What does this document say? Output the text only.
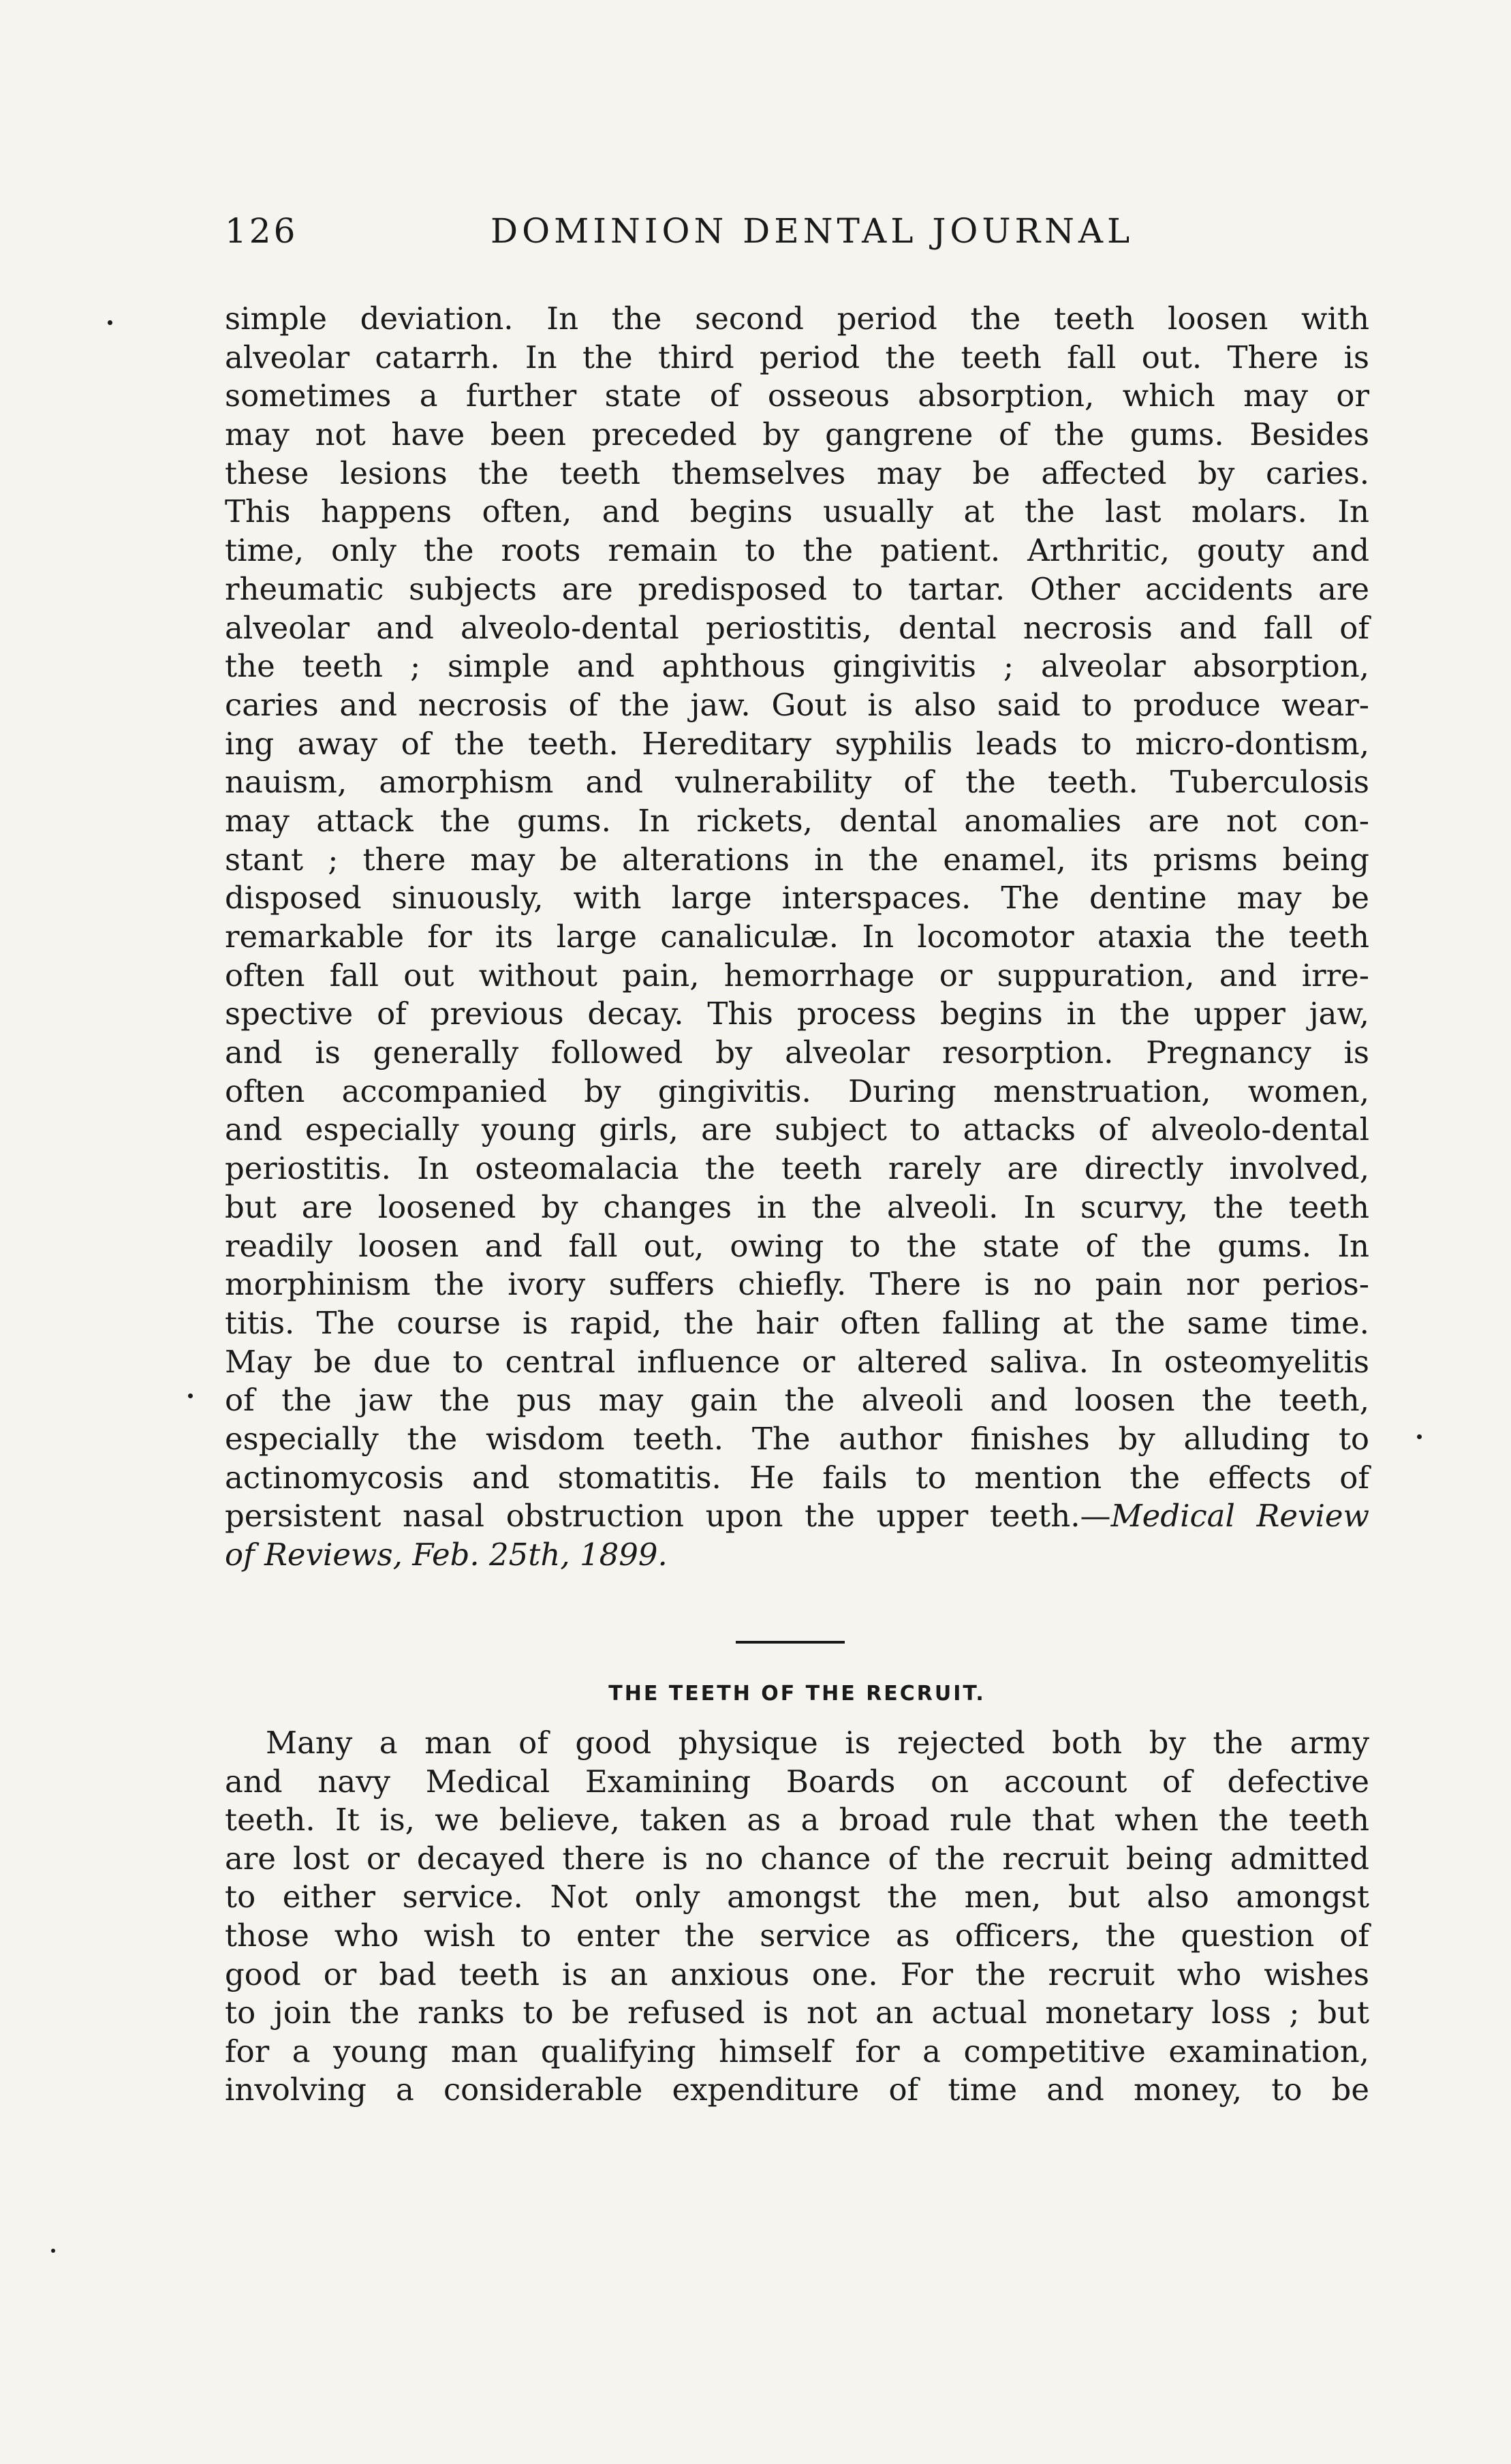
126	DOMINION DENTAL JOURNAL
simple deviation. In the second period the teeth loosen with
alveolar catarrh. In the third period the teeth fall out. There is
sometimes a further state of osseous absorption, which may or
may not have been preceded by gangrene of the gums. Besides
these lesions the teeth themselves may be affected by caries.
This happens often, and begins usually at the last molars. In
time, only the roots remain to the patient. Arthritic, gouty and
rheumatic subjects are predisposed to tartar. Other accidents are
alveolar and alveolo-dental periostitis, dental necrosis and fall of
the teeth ; simple and aphthous gingivitis ; alveolar absorption,
caries and necrosis of the jaw. Gout is also said to produce wear-
ing away of the teeth. Hereditary syphilis leads to micro-dontism,
nauism, amorphism and vulnerability of the teeth. Tuberculosis
may attack the gums. In rickets, dental anomalies are not con-
stant ; there may be alterations in the enamel, its prisms being
disposed sinuously, with large interspaces. The dentine may be
remarkable for its large canaliculæ. In locomotor ataxia the teeth
often fall out without pain, hemorrhage or suppuration, and irre-
spective of previous decay. This process begins in the upper jaw,
and is generally followed by alveolar resorption. Pregnancy is
often accompanied by gingivitis. During menstruation, women,
and especially young girls, are subject to attacks of alveolo-dental
periostitis. In osteomalacia the teeth rarely are directly involved,
but are loosened by changes in the alveoli. In scurvy, the teeth
readily loosen and fall out, owing to the state of the gums. In
morphinism the ivory suffers chiefly. There is no pain nor perios-
titis. The course is rapid, the hair often falling at the same time.
May be due to central influence or altered saliva. In osteomyelitis
of the jaw the pus may gain the alveoli and loosen the teeth,
especially the wisdom teeth. The author finishes by alluding to
actinomycosis and stomatitis. He fails to mention the effects of
persistent nasal obstruction upon the upper teeth.—Medical Review
of Reviews, Feb. 25th, 1899.
THE TEETH OF THE RECRUIT.
Many a man of good physique is rejected both by the army
and navy Medical Examining Boards on account of defective
teeth. It is, we believe, taken as a broad rule that when the teeth
are lost or decayed there is no chance of the recruit being admitted
to either service. Not only amongst the men, but also amongst
those who wish to enter the service as officers, the question of
good or bad teeth is an anxious one. For the recruit who wishes
to join the ranks to be refused is not an actual monetary loss ; but
for a young man qualifying himself for a competitive examination,
involving a considerable expenditure of time and money, to be
